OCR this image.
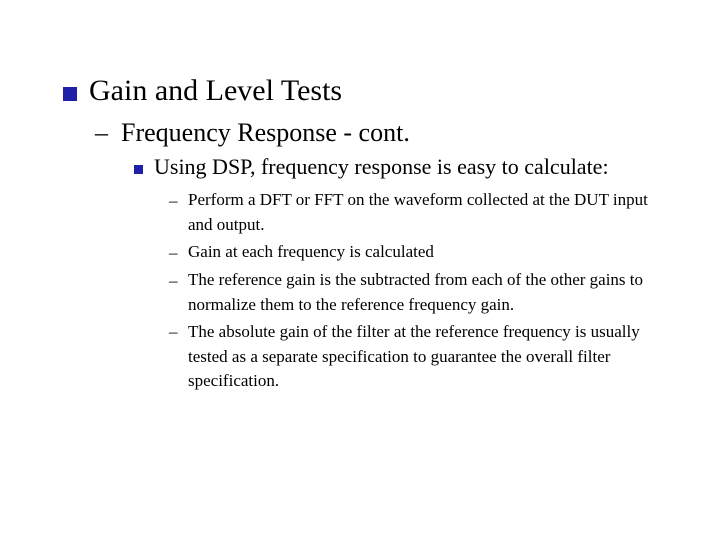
Gain and Level Tests
– Frequency Response - cont.
Using DSP, frequency response is easy to calculate:
– Perform a DFT or FFT on the waveform collected at the DUT input and output.
– Gain at each frequency is calculated
– The reference gain is the subtracted from each of the other gains to normalize them to the reference frequency gain.
– The absolute gain of the filter at the reference frequency is usually tested as a separate specification to guarantee the overall filter specification.
